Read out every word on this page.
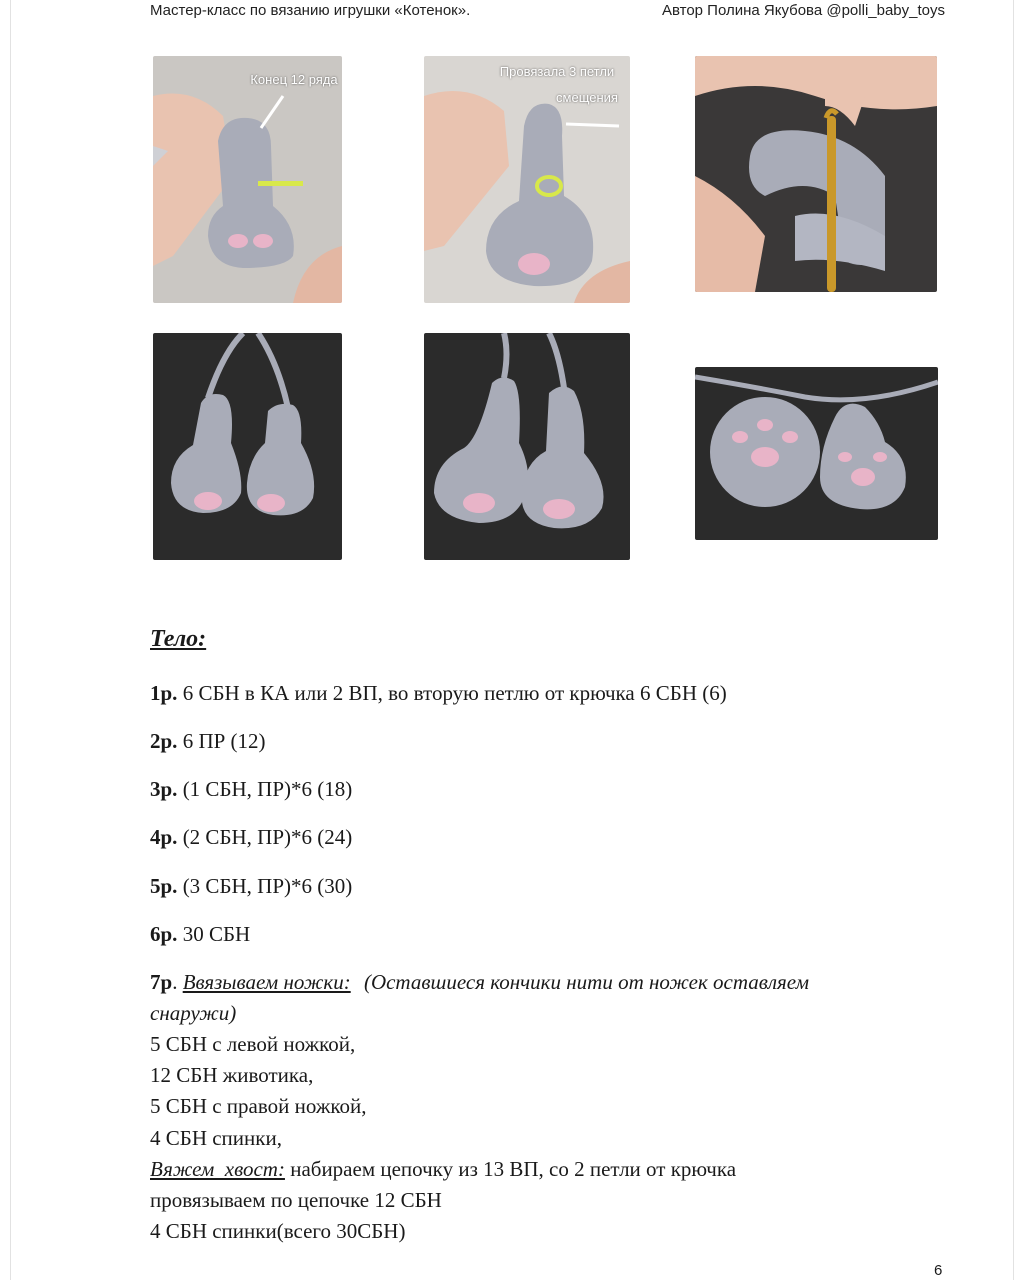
Мастер-класс по вязанию игрушки «Котенок».	Автор Полина Якубова @polli_baby_toys
Конец 12 ряда
Провязала 3 петли
смещения
Тело:
1р. 6 СБН в КА или 2 ВП, во вторую петлю от крючка 6 СБН (6)
2р. 6 ПР (12)
3р. (1 СБН, ПР)*6 (18)
4р. (2 СБН, ПР)*6 (24)
5р. (3 СБН, ПР)*6 (30)
6р. 30 СБН
7р. Ввязываем ножки: (Оставшиеся кончики нити от ножек оставляем
снаружи)
5 СБН с левой ножкой,
12 СБН животика,
5 СБН с правой ножкой,
4 СБН спинки,
Вяжем  хвост: набираем цепочку из 13 ВП, со 2 петли от крючка
провязываем по цепочке 12 СБН
4 СБН спинки(всего 30СБН)
6
